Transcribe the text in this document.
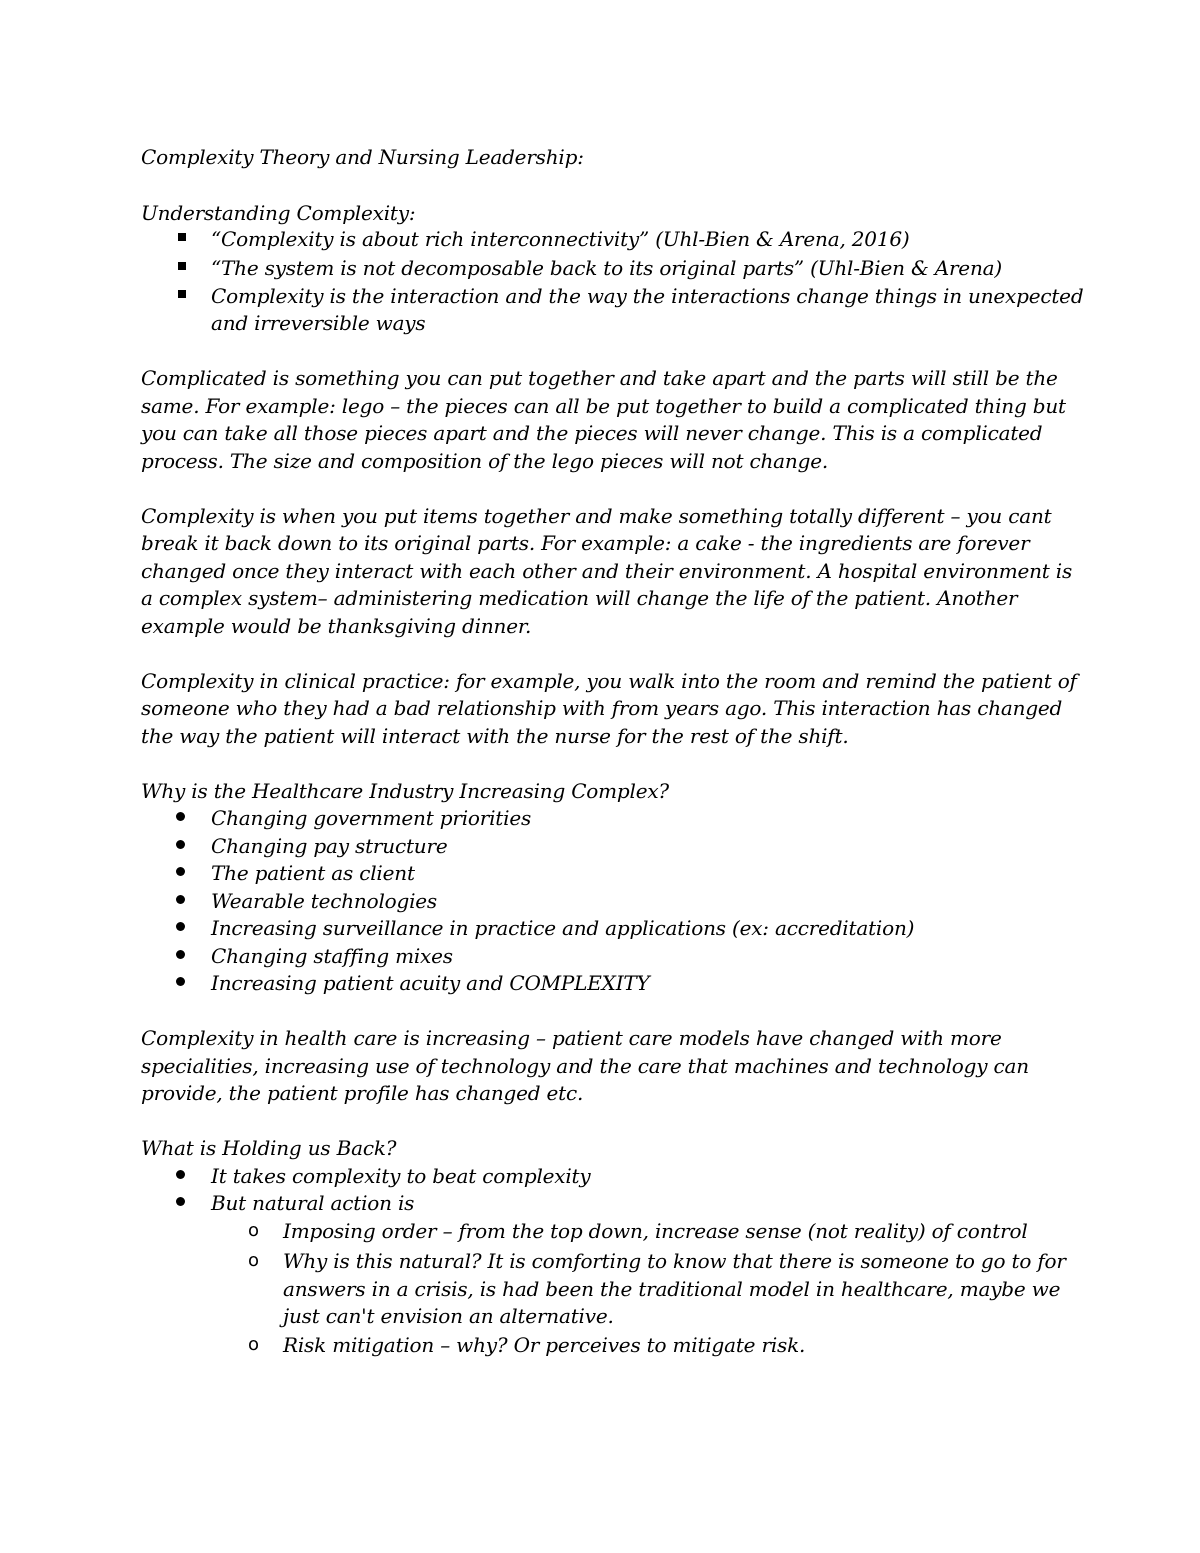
Complexity Theory and Nursing Leadership:
Understanding Complexity:
“Complexity is about rich interconnectivity” (Uhl-Bien & Arena, 2016)
“The system is not decomposable back to its original parts” (Uhl-Bien & Arena)
Complexity is the interaction and the way the interactions change things in unexpected
and irreversible ways
Complicated is something you can put together and take apart and the parts will still be the
same. For example: lego – the pieces can all be put together to build a complicated thing but
you can take all those pieces apart and the pieces will never change. This is a complicated
process. The size and composition of the lego pieces will not change.
Complexity is when you put items together and make something totally different – you cant
break it back down to its original parts. For example: a cake - the ingredients are forever
changed once they interact with each other and their environment. A hospital environment is
a complex system– administering medication will change the life of the patient. Another
example would be thanksgiving dinner.
Complexity in clinical practice: for example, you walk into the room and remind the patient of
someone who they had a bad relationship with from years ago. This interaction has changed
the way the patient will interact with the nurse for the rest of the shift.
Why is the Healthcare Industry Increasing Complex?
Changing government priorities
Changing pay structure
The patient as client
Wearable technologies
Increasing surveillance in practice and applications (ex: accreditation)
Changing staffing mixes
Increasing patient acuity and COMPLEXITY
Complexity in health care is increasing – patient care models have changed with more
specialities, increasing use of technology and the care that machines and technology can
provide, the patient profile has changed etc.
What is Holding us Back?
It takes complexity to beat complexity
But natural action is
o Imposing order – from the top down, increase sense (not reality) of control
o Why is this natural? It is comforting to know that there is someone to go to for
answers in a crisis, is had been the traditional model in healthcare, maybe we
just can't envision an alternative.
o Risk mitigation – why? Or perceives to mitigate risk.
